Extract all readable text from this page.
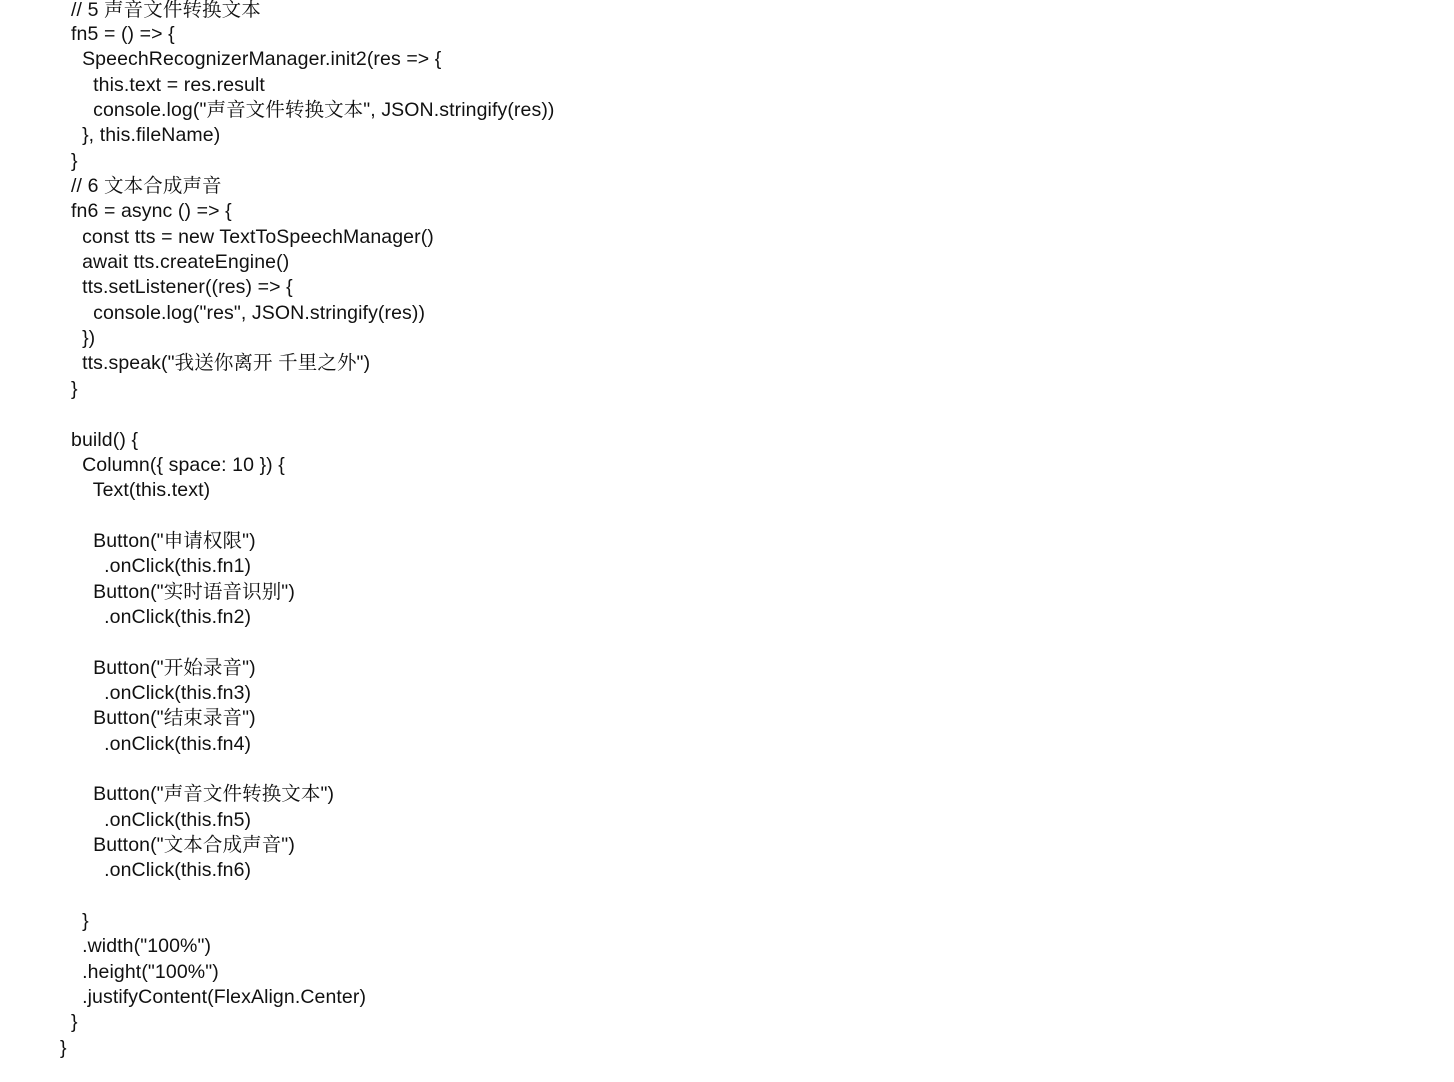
// 5 声音文件转换文本
fn5 = () => {
SpeechRecognizerManager.init2(res => {
this.text = res.result
console.log("声音文件转换文本", JSON.stringify(res))
}, this.fileName)
}
// 6 文本合成声音
fn6 = async () => {
const tts = new TextToSpeechManager()
await tts.createEngine()
tts.setListener((res) => {
console.log("res", JSON.stringify(res))
})
tts.speak("我送你离开 千里之外")
}
build() {
Column({ space: 10 }) {
Text(this.text)
Button("申请权限")
.onClick(this.fn1)
Button("实时语音识别")
.onClick(this.fn2)
Button("开始录音")
.onClick(this.fn3)
Button("结束录音")
.onClick(this.fn4)
Button("声音文件转换文本")
.onClick(this.fn5)
Button("文本合成声音")
.onClick(this.fn6)
}
.width("100%")
.height("100%")
.justifyContent(FlexAlign.Center)
}
}
